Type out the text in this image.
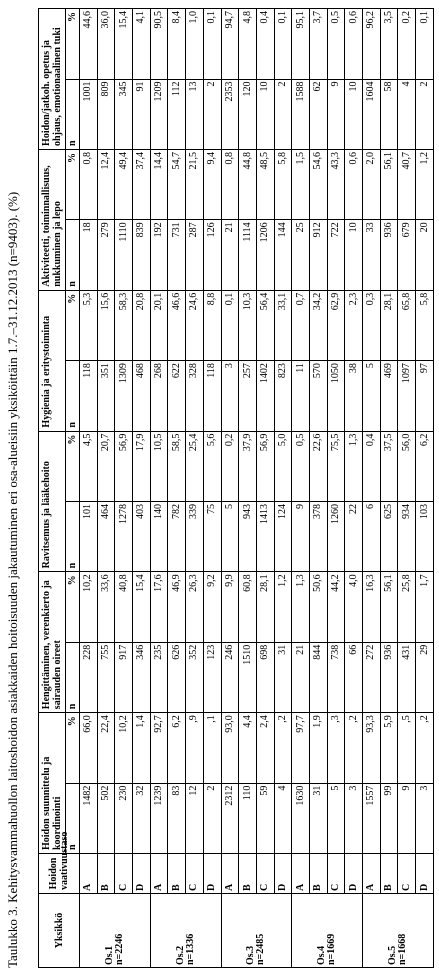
Taulukko 3. Kehitysvammahuollon laitoshoidon asiakkaiden hoitoisuuden jakautuminen eri osa-alueisiin yksiköittäin 1.7.–31.12.2013 (n=9403). (%)	Yksikkö	Hoidon vaativuustaso	Hoidon suunnittelu ja koordinointi		Hengittäminen, verenkierto ja sairauden oireet		Ravitsemus ja lääkehoito		Hygienia ja eritystoiminta		Aktiviteetti, toiminnallisuus, nukkuminen ja lepo		Hoidon/jatkoh. opetus ja ohjaus, emotionaalinen tuki	
		n	%	n	%	n	%	n	%	n	%	n	%

Os.1 n=2246	A	1482	66,0	228	10,2	101	4,5	118	5,3	18	0,8	1001	44,6
	B	502	22,4	755	33,6	464	20,7	351	15,6	279	12,4	809	36,0
	C	230	10,2	917	40,8	1278	56,9	1309	58,3	1110	49,4	345	15,4
	D	32	1,4	346	15,4	403	17,9	468	20,8	839	37,4	91	4,1

Os.2 n=1336	A	1239	92,7	235	17,6	140	10,5	268	20,1	192	14,4	1209	90,5
	B	83	6,2	626	46,9	782	58,5	622	46,6	731	54,7	112	8,4
	C	12	,9	352	26,3	339	25,4	328	24,6	287	21,5	13	1,0
	D	2	,1	123	9,2	75	5,6	118	8,8	126	9,4	2	0,1

Os.3 n=2485	A	2312	93,0	246	9,9	5	0,2	3	0,1	21	0,8	2353	94,7
	B	110	4,4	1510	60,8	943	37,9	257	10,3	1114	44,8	120	4,8
	C	59	2,4	698	28,1	1413	56,9	1402	56,4	1206	48,5	10	0,4
	D	4	,2	31	1,2	124	5,0	823	33,1	144	5,8	2	0,1

Os.4 n=1669	A	1630	97,7	21	1,3	9	0,5	11	0,7	25	1,5	1588	95,1
	B	31	1,9	844	50,6	378	22,6	570	34,2	912	54,6	62	3,7
	C	5	,3	738	44,2	1260	75,5	1050	62,9	722	43,3	9	0,5
	D	3	,2	66	4,0	22	1,3	38	2,3	10	0,6	10	0,6

Os.5 n=1668	A	1557	93,3	272	16,3	6	0,4	5	0,3	33	2,0	1604	96,2
	B	99	5,9	936	56,1	625	37,5	469	28,1	936	56,1	58	3,5
	C	9	,5	431	25,8	934	56,0	1097	65,8	679	40,7	4	0,2
	D	3	,2	29	1,7	103	6,2	97	5,8	20	1,2	2	0,1
